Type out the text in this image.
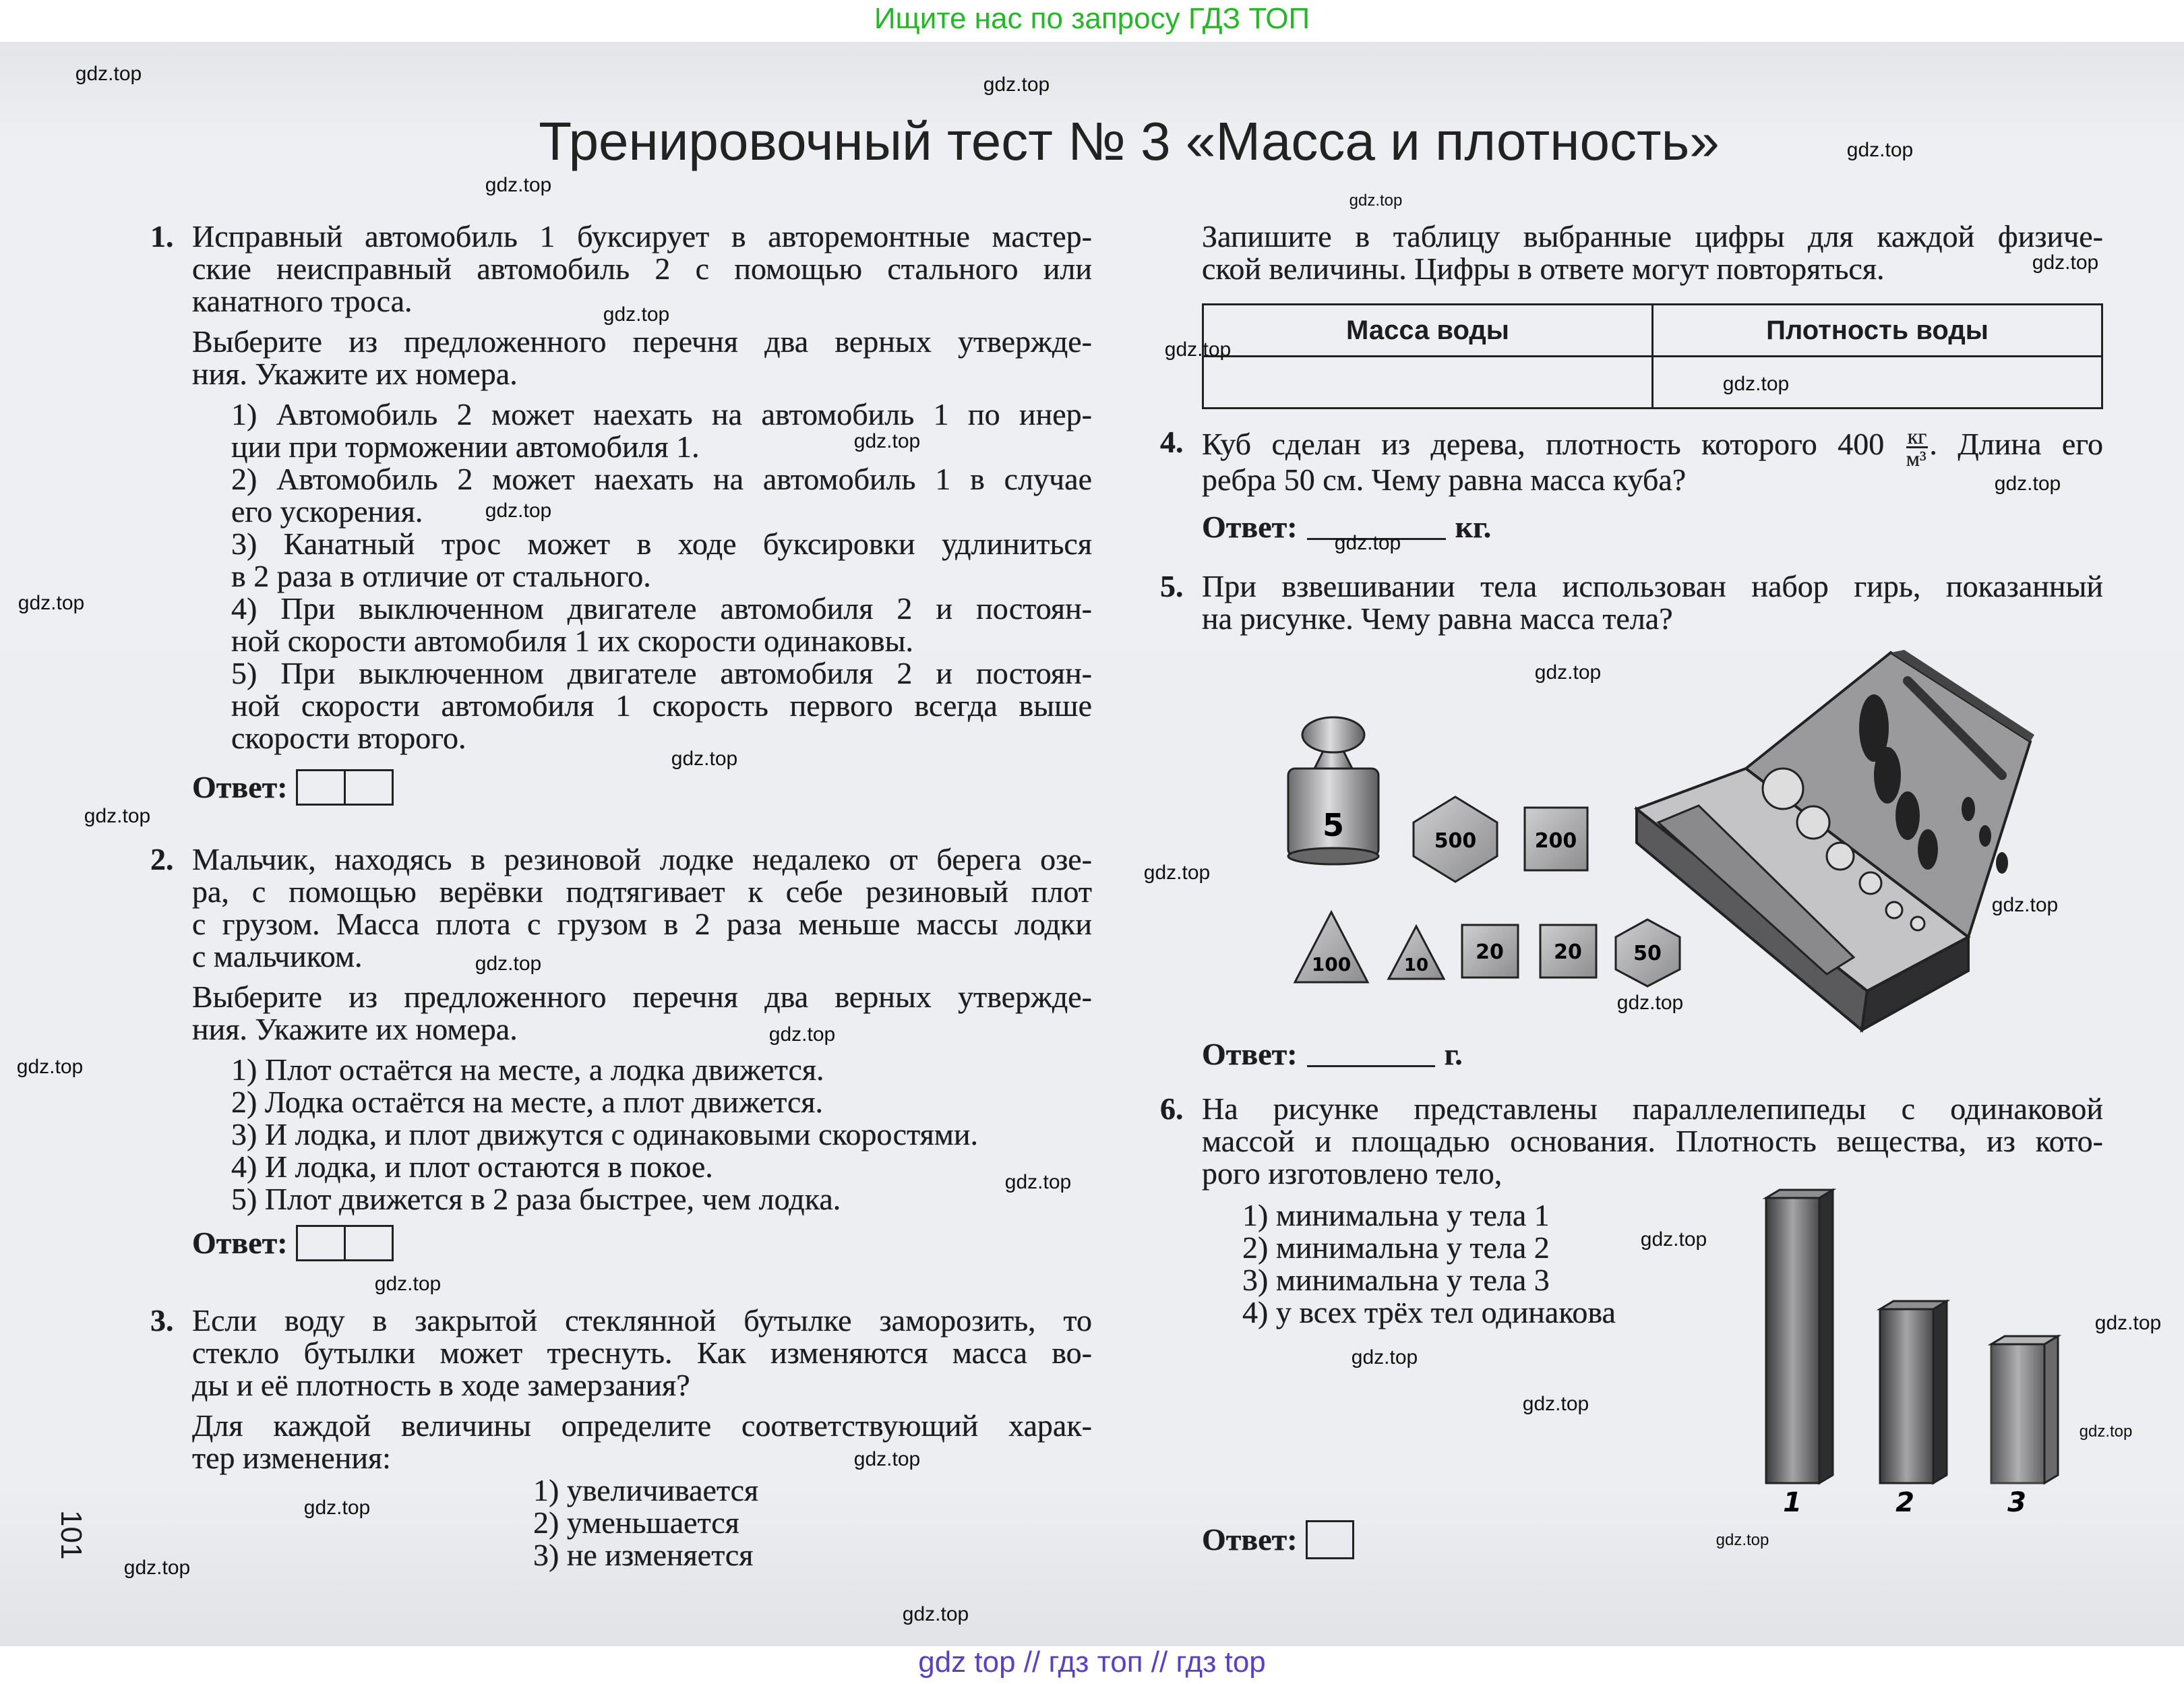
Ищите нас по запросу ГДЗ ТОП
Тренировочный тест № 3 «Масса и плотность»
1. Исправный автомобиль 1 буксирует в авторемонтные мастер-
ские неисправный автомобиль 2 с помощью стального или
канатного троса.
Выберите из предложенного перечня два верных утвержде-
ния. Укажите их номера.
1) Автомобиль 2 может наехать на автомобиль 1 по инер-
ции при торможении автомобиля 1.
2) Автомобиль 2 может наехать на автомобиль 1 в случае
его ускорения.
3) Канатный трос может в ходе буксировки удлиниться
в 2 раза в отличие от стального.
4) При выключенном двигателе автомобиля 2 и постоян-
ной скорости автомобиля 1 их скорости одинаковы.
5) При выключенном двигателе автомобиля 2 и постоян-
ной скорости автомобиля 1 скорость первого всегда выше
скорости второго.
Ответ:
2. Мальчик, находясь в резиновой лодке недалеко от берега озе-
ра, с помощью верёвки подтягивает к себе резиновый плот
с грузом. Масса плота с грузом в 2 раза меньше массы лодки
с мальчиком.
Выберите из предложенного перечня два верных утвержде-
ния. Укажите их номера.
1) Плот остаётся на месте, а лодка движется.
2) Лодка остаётся на месте, а плот движется.
3) И лодка, и плот движутся с одинаковыми скоростями.
4) И лодка, и плот остаются в покое.
5) Плот движется в 2 раза быстрее, чем лодка.
Ответ:
3. Если воду в закрытой стеклянной бутылке заморозить, то
стекло бутылки может треснуть. Как изменяются масса во-
ды и её плотность в ходе замерзания?
Для каждой величины определите соответствующий харак-
тер изменения:
1) увеличивается
2) уменьшается
3) не изменяется
Запишите в таблицу выбранные цифры для каждой физиче-
ской величины. Цифры в ответе могут повторяться.
Масса воды	Плотность воды

4. Куб сделан из дерева, плотность которого $400 \frac{кг}{\text{м³}}$ . Длина его
ребра 50 см. Чему равна масса куба?
Ответ:	кг.
5. При взвешивании тела использован набор гирь, показанный
на рисунке. Чему равна масса тела?
5	500	200
100	10
20 20	50
Ответ:	г.
6. На рисунке представлены параллелепипеды с одинаковой
массой и площадью основания. Плотность вещества, из кото-
рого изготовлено тело,
1) минимальна у тела 1
2) минимальна у тела 2
3) минимальна у тела 3
4) у всех трёх тел одинакова
1	2	3
Ответ:
101
gdz.top	gdz.top
gdz.top
gdz.top
gdz.top
gdz.top
gdz.top
gdz.top
gdz.top
gdz.top
gdz.top
gdz.top
gdz.top
gdz.top
gdz.top
gdz.top
gdz.top
gdz.top
gdz.top
gdz.top
gdz.top
gdz.top
gdz.top
gdz.top
gdz.top
gdz.top
gdz.top
gdz.top
gdz.top
gdz.top
gdz.top
gdz.top
gdz.top
gdz.top
gdz.top
gdz top // гдз топ // гдз top
